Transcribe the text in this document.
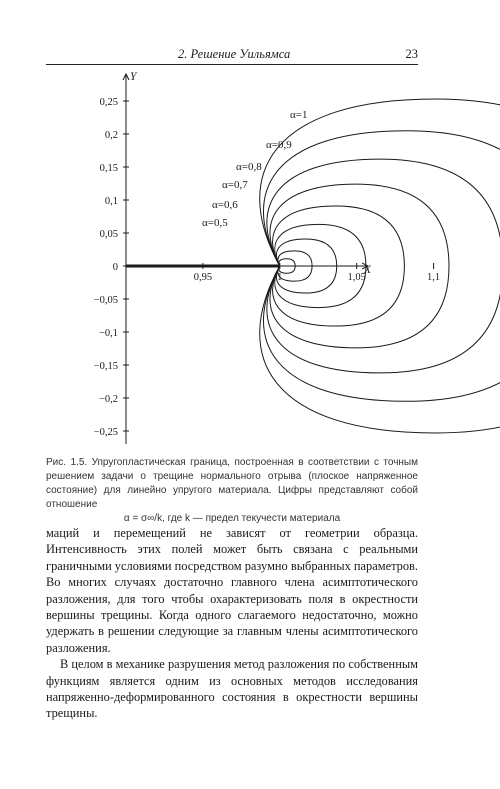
2. Решение Уильямса	23
0,25
0,2
0,15
0,1
0,05
0
−0,05
−0,1
−0,15
−0,2
−0,25
0,95	1	1,05	1,1
α=1
α=0,9
α=0,8
α=0,7
α=0,6
α=0,5
Y
X
Рис. 1.5. Упругопластическая граница, построенная в соответствии с точным решением задачи о трещине нормального отрыва (плоское напряженное состояние) для линейно упругого материала. Цифры представляют собой отношение
α = σ∞/k, где k — предел текучести материала

маций и перемещений не зависят от геометрии образца. Интенсивность этих полей может быть связана с реальными граничными условиями посредством разумно выбранных параметров. Во многих случаях достаточно главного члена асимптотического разложения, для того чтобы охарактеризовать поля в окрестности вершины трещины. Когда одного слагаемого недостаточно, можно удержать в решении следующие за главным члены асимптотического разложения.

В целом в механике разрушения метод разложения по собственным функциям является одним из основных методов исследования напряженно-деформированного состояния в окрестности вершины трещины.
